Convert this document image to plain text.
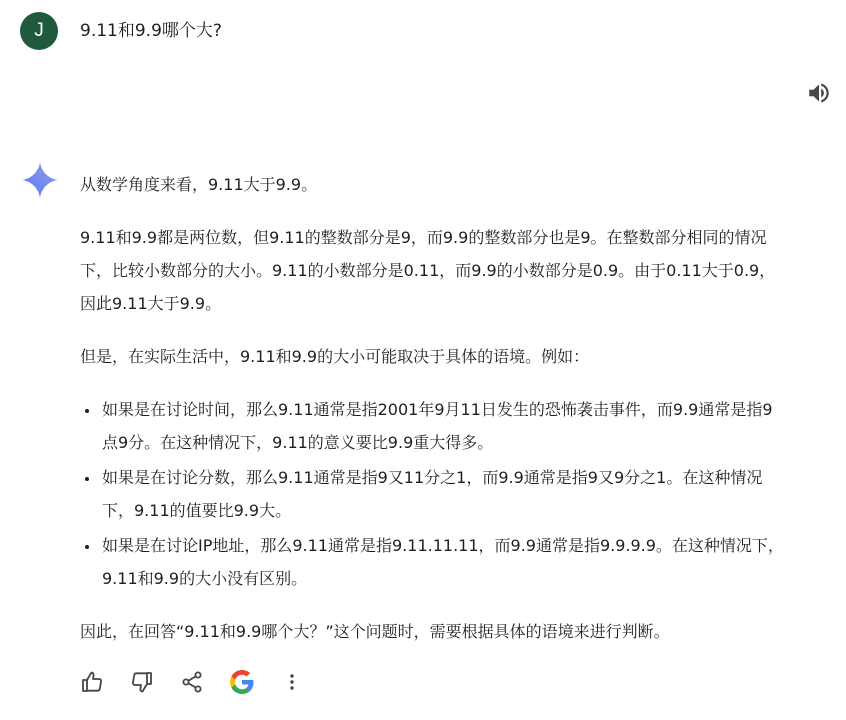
J	9.11和9.9哪个大?

从数学角度来看，9.11大于9.9。

9.11和9.9都是两位数，但9.11的整数部分是9，而9.9的整数部分也是9。在整数部分相同的情况下，比较小数部分的大小。9.11的小数部分是0.11，而9.9的小数部分是0.9。由于0.11大于0.9，因此9.11大于9.9。

但是，在实际生活中，9.11和9.9的大小可能取决于具体的语境。例如：

• 如果是在讨论时间，那么9.11通常是指2001年9月11日发生的恐怖袭击事件，而9.9通常是指9点9分。在这种情况下，9.11的意义要比9.9重大得多。
• 如果是在讨论分数，那么9.11通常是指9又11分之1，而9.9通常是指9又9分之1。在这种情况下，9.11的值要比9.9大。
• 如果是在讨论IP地址，那么9.11通常是指9.11.11.11，而9.9通常是指9.9.9.9。在这种情况下，9.11和9.9的大小没有区别。

因此，在回答“9.11和9.9哪个大？”这个问题时，需要根据具体的语境来进行判断。
